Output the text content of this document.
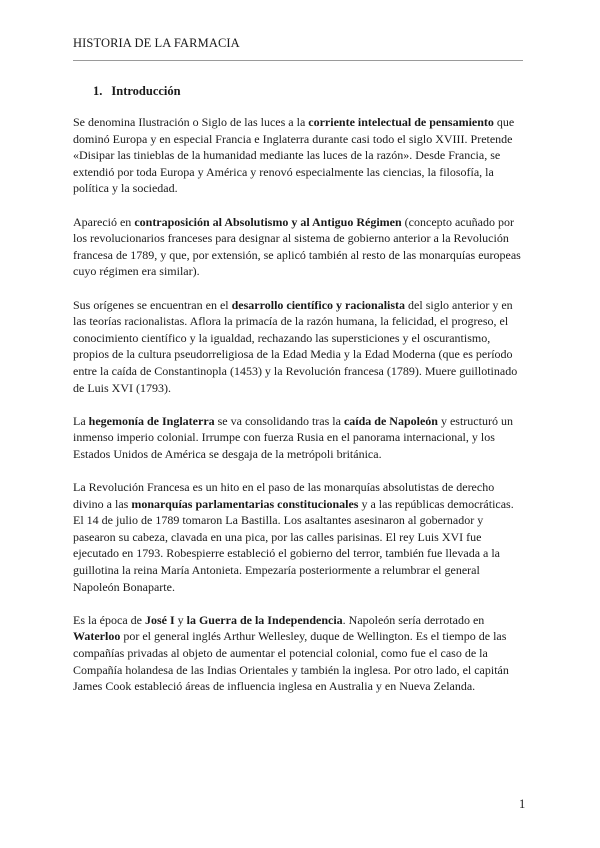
HISTORIA DE LA FARMACIA
1. Introducción

Se denomina Ilustración o Siglo de las luces a la corriente intelectual de pensamiento que dominó Europa y en especial Francia e Inglaterra durante casi todo el siglo XVIII. Pretende «Disipar las tinieblas de la humanidad mediante las luces de la razón». Desde Francia, se extendió por toda Europa y América y renovó especialmente las ciencias, la filosofía, la política y la sociedad.

Apareció en contraposición al Absolutismo y al Antiguo Régimen (concepto acuñado por los revolucionarios franceses para designar al sistema de gobierno anterior a la Revolución francesa de 1789, y que, por extensión, se aplicó también al resto de las monarquías europeas cuyo régimen era similar).

Sus orígenes se encuentran en el desarrollo científico y racionalista del siglo anterior y en las teorías racionalistas. Aflora la primacía de la razón humana, la felicidad, el progreso, el conocimiento científico y la igualdad, rechazando las supersticiones y el oscurantismo, propios de la cultura pseudorreligiosa de la Edad Media y la Edad Moderna (que es período entre la caída de Constantinopla (1453) y la Revolución francesa (1789). Muere guillotinado de Luis XVI (1793).

La hegemonía de Inglaterra se va consolidando tras la caída de Napoleón y estructuró un inmenso imperio colonial. Irrumpe con fuerza Rusia en el panorama internacional, y los Estados Unidos de América se desgaja de la metrópoli británica.

La Revolución Francesa es un hito en el paso de las monarquías absolutistas de derecho divino a las monarquías parlamentarias constitucionales y a las repúblicas democráticas. El 14 de julio de 1789 tomaron La Bastilla. Los asaltantes asesinaron al gobernador y pasearon su cabeza, clavada en una pica, por las calles parisinas. El rey Luis XVI fue ejecutado en 1793. Robespierre estableció el gobierno del terror, también fue llevada a la guillotina la reina María Antonieta. Empezaría posteriormente a relumbrar el general Napoleón Bonaparte.

Es la época de José I y la Guerra de la Independencia. Napoleón sería derrotado en Waterloo por el general inglés Arthur Wellesley, duque de Wellington. Es el tiempo de las compañías privadas al objeto de aumentar el potencial colonial, como fue el caso de la Compañía holandesa de las Indias Orientales y también la inglesa. Por otro lado, el capitán James Cook estableció áreas de influencia inglesa en Australia y en Nueva Zelanda.

1
